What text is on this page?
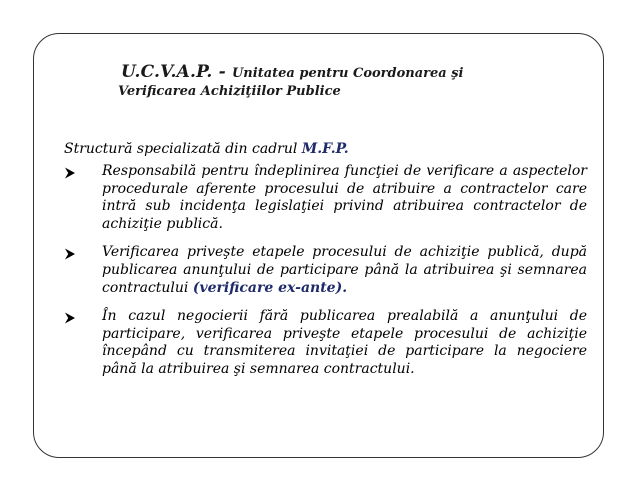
U.C.V.A.P. - Unitatea pentru Coordonarea şi
Verificarea Achiziţiilor Publice
Structură specializată din cadrul M.F.P.
Responsabilă pentru îndeplinirea funcţiei de verificare a aspectelor procedurale aferente procesului de atribuire a contractelor care intră sub incidenţa legislaţiei privind atribuirea contractelor de achiziţie publică.
Verificarea priveşte etapele procesului de achiziţie publică, după publicarea anunţului de participare până la atribuirea şi semnarea contractului (verificare ex-ante).
În cazul negocierii fără publicarea prealabilă a anunţului de participare, verificarea priveşte etapele procesului de achiziţie începând cu transmiterea invitaţiei de participare la negociere până la atribuirea şi semnarea contractului.
